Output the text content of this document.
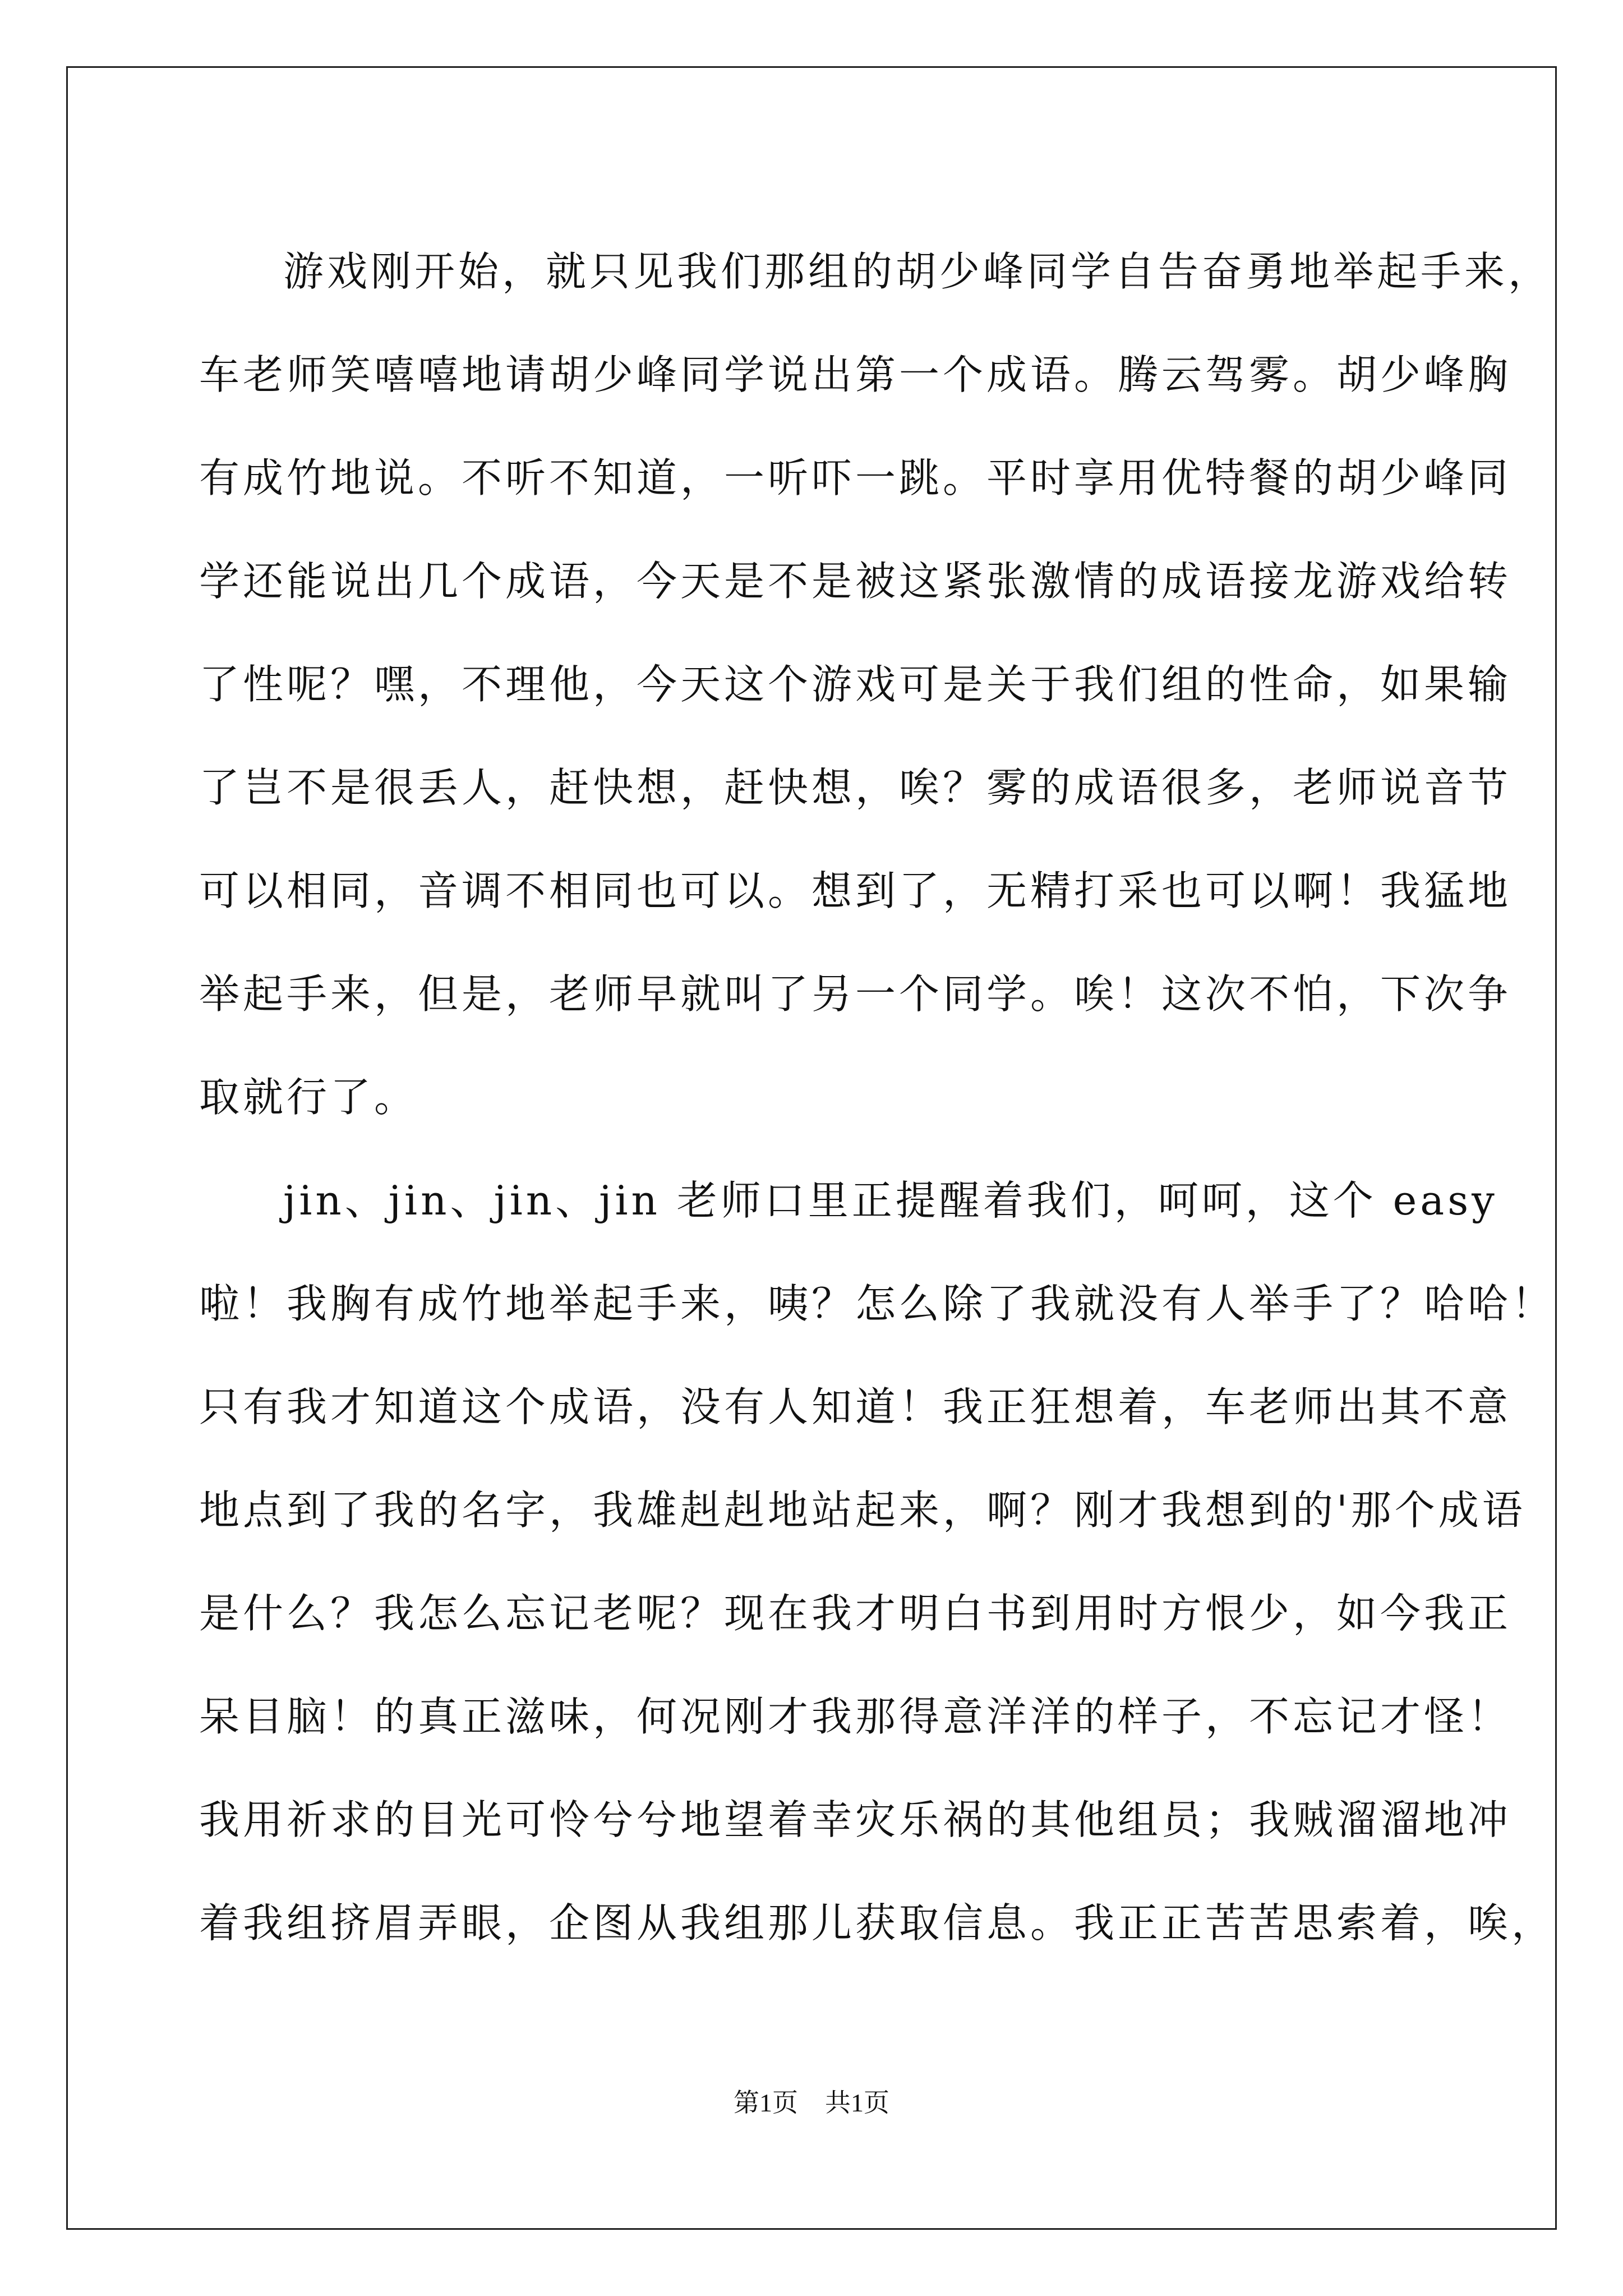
游戏刚开始，就只见我们那组的胡少峰同学自告奋勇地举起手来，
车老师笑嘻嘻地请胡少峰同学说出第一个成语。腾云驾雾。胡少峰胸
有成竹地说。不听不知道，一听吓一跳。平时享用优特餐的胡少峰同
学还能说出几个成语，今天是不是被这紧张激情的成语接龙游戏给转
了性呢？嘿，不理他，今天这个游戏可是关于我们组的性命，如果输
了岂不是很丢人，赶快想，赶快想，唉？雾的成语很多，老师说音节
可以相同，音调不相同也可以。想到了，无精打采也可以啊！我猛地
举起手来，但是，老师早就叫了另一个同学。唉！这次不怕，下次争
取就行了。

jin、jin、jin、jin 老师口里正提醒着我们，呵呵，这个 easy
啦！我胸有成竹地举起手来，咦？怎么除了我就没有人举手了？哈哈！
只有我才知道这个成语，没有人知道！我正狂想着，车老师出其不意
地点到了我的名字，我雄赳赳地站起来，啊？刚才我想到的'那个成语
是什么？我怎么忘记老呢？现在我才明白书到用时方恨少，如今我正
呆目脑！的真正滋味，何况刚才我那得意洋洋的样子，不忘记才怪！
我用祈求的目光可怜兮兮地望着幸灾乐祸的其他组员；我贼溜溜地冲
着我组挤眉弄眼，企图从我组那儿获取信息。我正正苦苦思索着，唉，

第1页 共1页
